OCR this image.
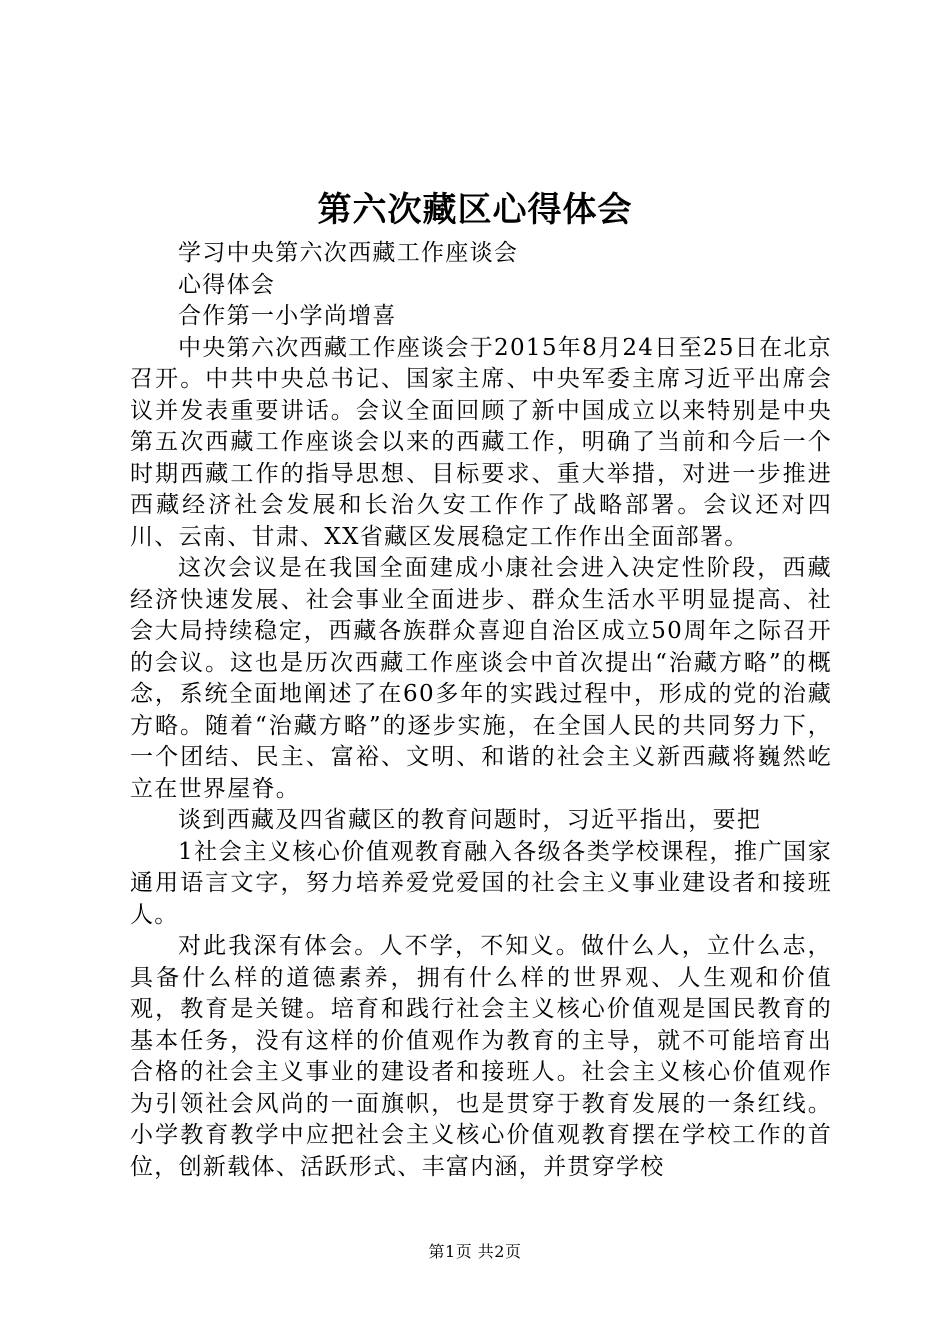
第六次藏区心得体会

学习中央第六次西藏工作座谈会

心得体会

合作第一小学尚增喜

中央第六次西藏工作座谈会于2015年8月24日至25日在北京召开。中共中央总书记、国家主席、中央军委主席习近平出席会议并发表重要讲话。会议全面回顾了新中国成立以来特别是中央第五次西藏工作座谈会以来的西藏工作，明确了当前和今后一个时期西藏工作的指导思想、目标要求、重大举措，对进一步推进西藏经济社会发展和长治久安工作作了战略部署。会议还对四川、云南、甘肃、XX省藏区发展稳定工作作出全面部署。

这次会议是在我国全面建成小康社会进入决定性阶段，西藏经济快速发展、社会事业全面进步、群众生活水平明显提高、社会大局持续稳定，西藏各族群众喜迎自治区成立50周年之际召开的会议。这也是历次西藏工作座谈会中首次提出“治藏方略”的概念，系统全面地阐述了在60多年的实践过程中，形成的党的治藏方略。随着“治藏方略”的逐步实施，在全国人民的共同努力下，一个团结、民主、富裕、文明、和谐的社会主义新西藏将巍然屹立在世界屋脊。

谈到西藏及四省藏区的教育问题时，习近平指出，要把

1社会主义核心价值观教育融入各级各类学校课程，推广国家通用语言文字，努力培养爱党爱国的社会主义事业建设者和接班人。

对此我深有体会。人不学，不知义。做什么人，立什么志，具备什么样的道德素养，拥有什么样的世界观、人生观和价值观，教育是关键。培育和践行社会主义核心价值观是国民教育的基本任务，没有这样的价值观作为教育的主导，就不可能培育出合格的社会主义事业的建设者和接班人。社会主义核心价值观作为引领社会风尚的一面旗帜，也是贯穿于教育发展的一条红线。小学教育教学中应把社会主义核心价值观教育摆在学校工作的首位，创新载体、活跃形式、丰富内涵，并贯穿学校

第1页 共2页
